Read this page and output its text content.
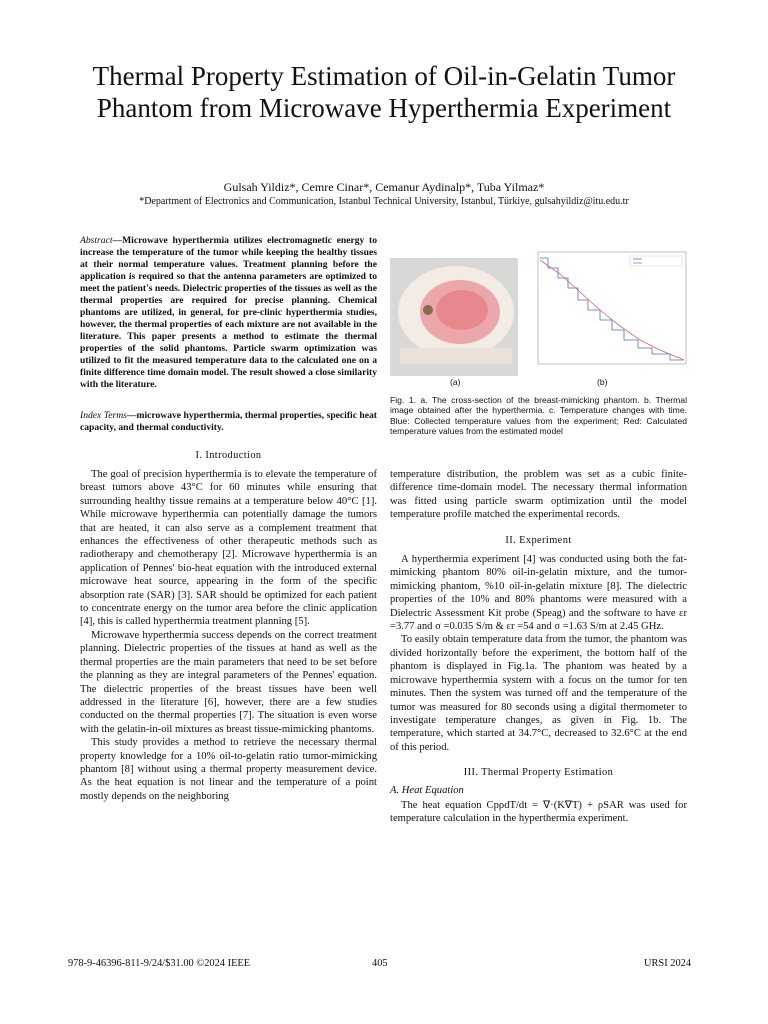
Thermal Property Estimation of Oil-in-Gelatin Tumor Phantom from Microwave Hyperthermia Experiment
Gulsah Yildiz*, Cemre Cinar*, Cemanur Aydinalp*, Tuba Yilmaz*
*Department of Electronics and Communication, Istanbul Technical University, Istanbul, Türkiye, gulsahyildiz@itu.edu.tr
Abstract—Microwave hyperthermia utilizes electromagnetic energy to increase the temperature of the tumor while keeping the healthy tissues at their normal temperature values. Treatment planning before the application is required so that the antenna parameters are optimized to meet the patient's needs. Dielectric properties of the tissues as well as the thermal properties are required for precise planning. Chemical phantoms are utilized, in general, for pre-clinic hyperthermia studies, however, the thermal properties of each mixture are not available in the literature. This paper presents a method to estimate the thermal properties of the solid phantoms. Particle swarm optimization was utilized to fit the measured temperature data to the calculated one on a finite difference time domain model. The result showed a close similarity with the literature.
Index Terms—microwave hyperthermia, thermal properties, specific heat capacity, and thermal conductivity.
I. Introduction

The goal of precision hyperthermia is to elevate the temperature of breast tumors above 43°C for 60 minutes while ensuring that surrounding healthy tissue remains at a temperature below 40°C [1]. While microwave hyperthermia can potentially damage the tumors that are heated, it can also serve as a complement treatment that enhances the effectiveness of other therapeutic methods such as radiotherapy and chemotherapy [2]. Microwave hyperthermia is an application of Pennes' bio-heat equation with the introduced external microwave heat source, appearing in the form of the specific absorption rate (SAR) [3]. SAR should be optimized for each patient to concentrate energy on the tumor area before the clinic application [4], this is called hyperthermia treatment planning [5].

Microwave hyperthermia success depends on the correct treatment planning. Dielectric properties of the tissues at hand as well as the thermal properties are the main parameters that need to be set before the planning as they are integral parameters of the Pennes' equation. The dielectric properties of the breast tissues have been well addressed in the literature [6], however, there are a few studies conducted on the thermal properties [7]. The situation is even worse with the gelatin-in-oil mixtures as breast tissue-mimicking phantoms.

This study provides a method to retrieve the necessary thermal property knowledge for a 10% oil-to-gelatin ratio tumor-mimicking phantom [8] without using a thermal property measurement device. As the heat equation is not linear and the temperature of a point mostly depends on the neighboring

(a)	(b)
Fig. 1. a. The cross-section of the breast-mimicking phantom. b. Thermal image obtained after the hyperthermia. c. Temperature changes with time. Blue: Collected temperature values from the experiment; Red: Calculated temperature values from the estimated model

temperature distribution, the problem was set as a cubic finite-difference time-domain model. The necessary thermal information was fitted using particle swarm optimization until the model temperature profile matched the experimental records.

II. Experiment

A hyperthermia experiment [4] was conducted using both the fat-mimicking phantom 80% oil-in-gelatin mixture, and the tumor-mimicking phantom, %10 oil-in-gelatin mixture [8]. The dielectric properties of the 10% and 80% phantoms were measured with a Dielectric Assessment Kit probe (Speag) and the software to have εr =3.77 and σ =0.035 S/m & εr =54 and σ =1.63 S/m at 2.45 GHz.

To easily obtain temperature data from the tumor, the phantom was divided horizontally before the experiment, the bottom half of the phantom is displayed in Fig.1a. The phantom was heated by a microwave hyperthermia system with a focus on the tumor for ten minutes. Then the system was turned off and the temperature of the tumor was measured for 80 seconds using a digital thermometer to investigate temperature changes, as given in Fig. 1b. The temperature, which started at 34.7°C, decreased to 32.6°C at the end of this period.

III. Thermal Property Estimation

A. Heat Equation

The heat equation CpρdT/dt = ∇·(K∇T) + ρSAR was used for temperature calculation in the hyperthermia experiment.

978-9-46396-811-9/24/$31.00 ©2024 IEEE	405	URSI 2024
